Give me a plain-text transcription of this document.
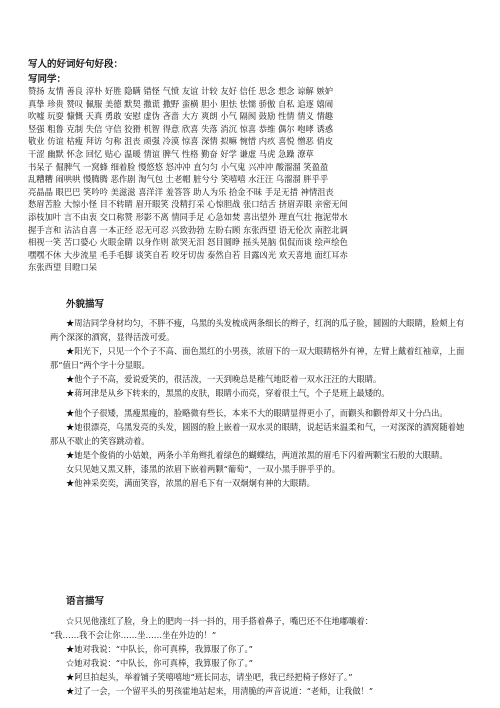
写人的好词好句好段：
写同学：
赞扬 友情 善良 淳朴 好胜 隐瞒 错怪 气愤 友谊 计较 友好 信任 思念 想念 谅解 嫉妒
真挚 珍贵 赞叹 佩服 美德 默契 撒谎 撒野 蛮横 胆小 胆怯 怯懦 骄傲 自私 追逐 嬉闹
吹嘘 玩耍 慷慨 天真 勇敢 安慰 虚伪 吝啬 大方 爽朗 小气 隔阂 鼓励 性情 情义 情趣
竖强 粗鲁 克制 失信 守信 狡猾 机智 得意 欣喜 失落 消沉 惊喜 恭维 偶尔 咆哮 诱惑
敬业 仿谊 枯瘦 拜访 匀称 沮丧 顽强 冷漠 惊喜 深情 拟嘛 惋惜 内疚 喜悦 憎恶 俏皮
干涩 幽默 怀念 回忆 贴心 温暖 情谊 脾气 性格 勤奋 好学 谦虚 马虎 急躁 潦草
书呆子 倔脾气 一窝蜂 细着脸 慢悠悠 怒冲冲 直匀匀 小气鬼 兴冲冲 酸溜溜 笑盈盈
乱糟糟 闹哄哄 慢腾腾 恶作剧 淘气包 土老帽 脏兮兮 笑嘻嘻 水汪汪 乌溜溜 胖乎乎
亮晶晶 眼巴巴 笑吟吟 美滋滋 喜洋洋 羞答答 助人为乐 拾金不昧 手足无措 神情沮丧
愁眉苦脸 大惊小怪 目不转睛 眉开眼笑 没精打采 心惊胆战 张口结舌 挤眉弄眼 亲密无间
添枝加叶 言不由衷 交口称赞 形影不离 情同手足 心急如焚 喜出望外 理直气壮 拖泥带水
握手言和 沾沾自喜 一本正经 忍无可忍 兴致勃勃 左盼右顾 东张西望 语无伦次 南腔北调
相视一笑 苦口婆心 火眼金睛 以身作则 欲哭无泪 怒目圆睁 摇头晃脑 侃侃而谈 绘声绘色
嘿嘿不休 大步流星 毛手毛脚 谈笑自若 咬牙切齿 泰然自若 目露凶光 欢天喜地 面红耳赤
东张西望 目瞪口呆
外貌描写

★周洁同学身材均匀，不胖不瘦，乌黑的头发梳成两条细长的辫子，红润的瓜子脸，圆圆的大眼睛，脸颊上有两个深深的酒窝，显得活泼可爱。

★阳光下，只见一个个子不高、面色黑红的小男孩，浓眉下的一双大眼睛格外有神，左臂上戴着红袖章，上面那“值日”两个字十分显眼。

★他个子不高，爱说爱笑的，很活泼，一天到晚总是稚气地眨着一双水汪汪的大眼睛。

★蒋珂津是从乡下转来的，黑黑的皮肤，眼睛小而亮，穿着很土气，个子是班上最矮的。

★他个子很矮，黑瘦黑瘦的，脸略微有些长，本来不大的眼睛显得更小了，而颧头和颧骨却又十分凸出。

★她很漂亮，乌黑发亮的头发，圆圆的脸上嵌着一双水灵的眼睛，说起话来温柔和气，一对深深的酒窝随着她那从不歇止的笑容跳动着。

★她是个俊俏的小姑娘，两条小羊角辫扎着绿色的蝴蝶结，两道浓黑的眉毛下闪着两颗宝石般的大眼睛。

女只见她又黑又胖，漆黑的浓眉下嵌着两颗“葡萄”，一双小黑手胖乎乎的。

★他神采奕奕，满面笑容，浓黑的眉毛下有一双炯炯有神的大眼睛。

语言描写

☆只见他涨红了脸，身上的肥肉一抖一抖的，用手搭着鼻子，嘴巴还不住地嘟嚷着：

“我……我不会让你……坐……坐在外边的！”

★她对我说：“中队长，你可真棒，我算服了你了。”

☆她对我说：“中队长，你可真棒，我算服了你了。”

★阿旦拍起头，举着铺子笑嘻嘻地“班长同志，请坐吧，我已经把椅子修好了。”

★过了一会，一个留平头的男孩霍地站起来，用清脆的声音说道：“老师，让我做！”
